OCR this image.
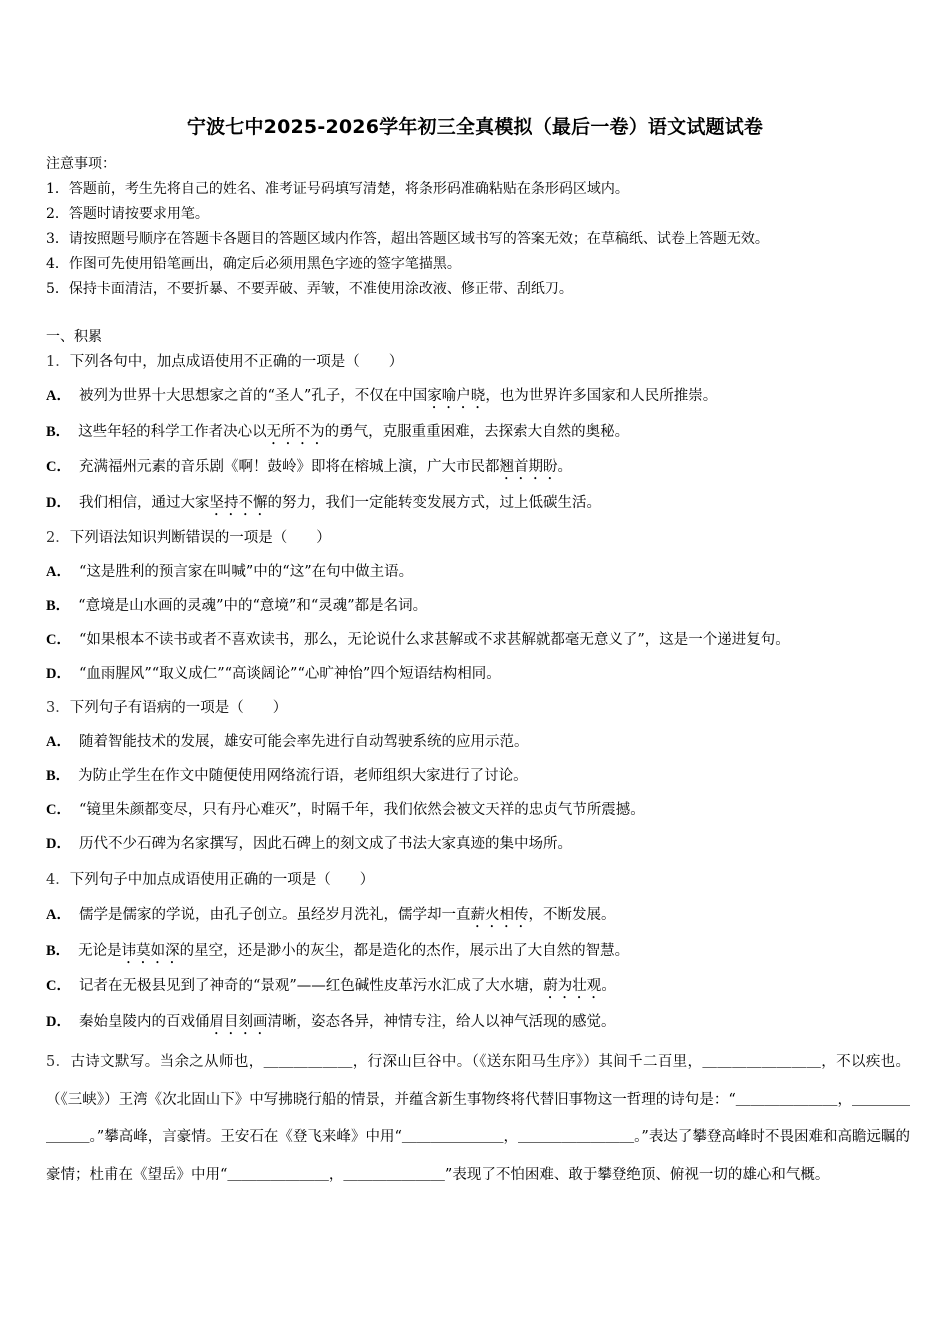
宁波七中2025-2026学年初三全真模拟（最后一卷）语文试题试卷
注意事项：
1．答题前，考生先将自己的姓名、准考证号码填写清楚，将条形码准确粘贴在条形码区域内。
2．答题时请按要求用笔。
3．请按照题号顺序在答题卡各题目的答题区域内作答，超出答题区域书写的答案无效；在草稿纸、试卷上答题无效。
4．作图可先使用铅笔画出，确定后必须用黑色字迹的签字笔描黑。
5．保持卡面清洁，不要折暴、不要弄破、弄皱，不准使用涂改液、修正带、刮纸刀。
一、积累
1．下列各句中，加点成语使用不正确的一项是（　　）
A． 被列为世界十大思想家之首的“圣人”孔子，不仅在中国家喻户晓，也为世界许多国家和人民所推崇。
B． 这些年轻的科学工作者决心以无所不为的勇气，克服重重困难，去探索大自然的奥秘。
C． 充满福州元素的音乐剧《啊！鼓岭》即将在榕城上演，广大市民都翘首期盼。
D． 我们相信，通过大家坚持不懈的努力，我们一定能转变发展方式，过上低碳生活。
2．下列语法知识判断错误的一项是（　　）
A． “这是胜利的预言家在叫喊”中的“这”在句中做主语。
B． “意境是山水画的灵魂”中的“意境”和“灵魂”都是名词。
C． “如果根本不读书或者不喜欢读书，那么，无论说什么求甚解或不求甚解就都毫无意义了”，这是一个递进复句。
D． “血雨腥风”“取义成仁”“高谈阔论”“心旷神怡”四个短语结构相同。
3．下列句子有语病的一项是（　　）
A． 随着智能技术的发展，雄安可能会率先进行自动驾驶系统的应用示范。
B． 为防止学生在作文中随便使用网络流行语，老师组织大家进行了讨论。
C． “镜里朱颜都变尽，只有丹心难灭”，时隔千年，我们依然会被文天祥的忠贞气节所震撼。
D． 历代不少石碑为名家撰写，因此石碑上的刻文成了书法大家真迹的集中场所。
4．下列句子中加点成语使用正确的一项是（　　）
A． 儒学是儒家的学说，由孔子创立。虽经岁月洗礼，儒学却一直薪火相传，不断发展。
B． 无论是讳莫如深的星空，还是渺小的灰尘，都是造化的杰作，展示出了大自然的智慧。
C． 记者在无极县见到了神奇的“景观”——红色碱性皮革污水汇成了大水塘，蔚为壮观。
D． 秦始皇陵内的百戏俑眉目刻画清晰，姿态各异，神情专注，给人以神气活现的感觉。
5．古诗文默写。当余之从师也，＿＿＿＿＿＿，行深山巨谷中。（《送东阳马生序》）其间千二百里，＿＿＿＿＿＿＿＿，不以疾也。（《三峡》）王湾《次北固山下》中写拂晓行船的情景，并蕴含新生事物终将代替旧事物这一哲理的诗句是：“＿＿＿＿＿＿＿，＿＿＿＿＿＿＿。”攀高峰，言豪情。王安石在《登飞来峰》中用“＿＿＿＿＿＿＿，＿＿＿＿＿＿＿＿。”表达了攀登高峰时不畏困难和高瞻远瞩的豪情；杜甫在《望岳》中用“＿＿＿＿＿＿＿，＿＿＿＿＿＿＿”表现了不怕困难、敢于攀登绝顶、俯视一切的雄心和气概。
